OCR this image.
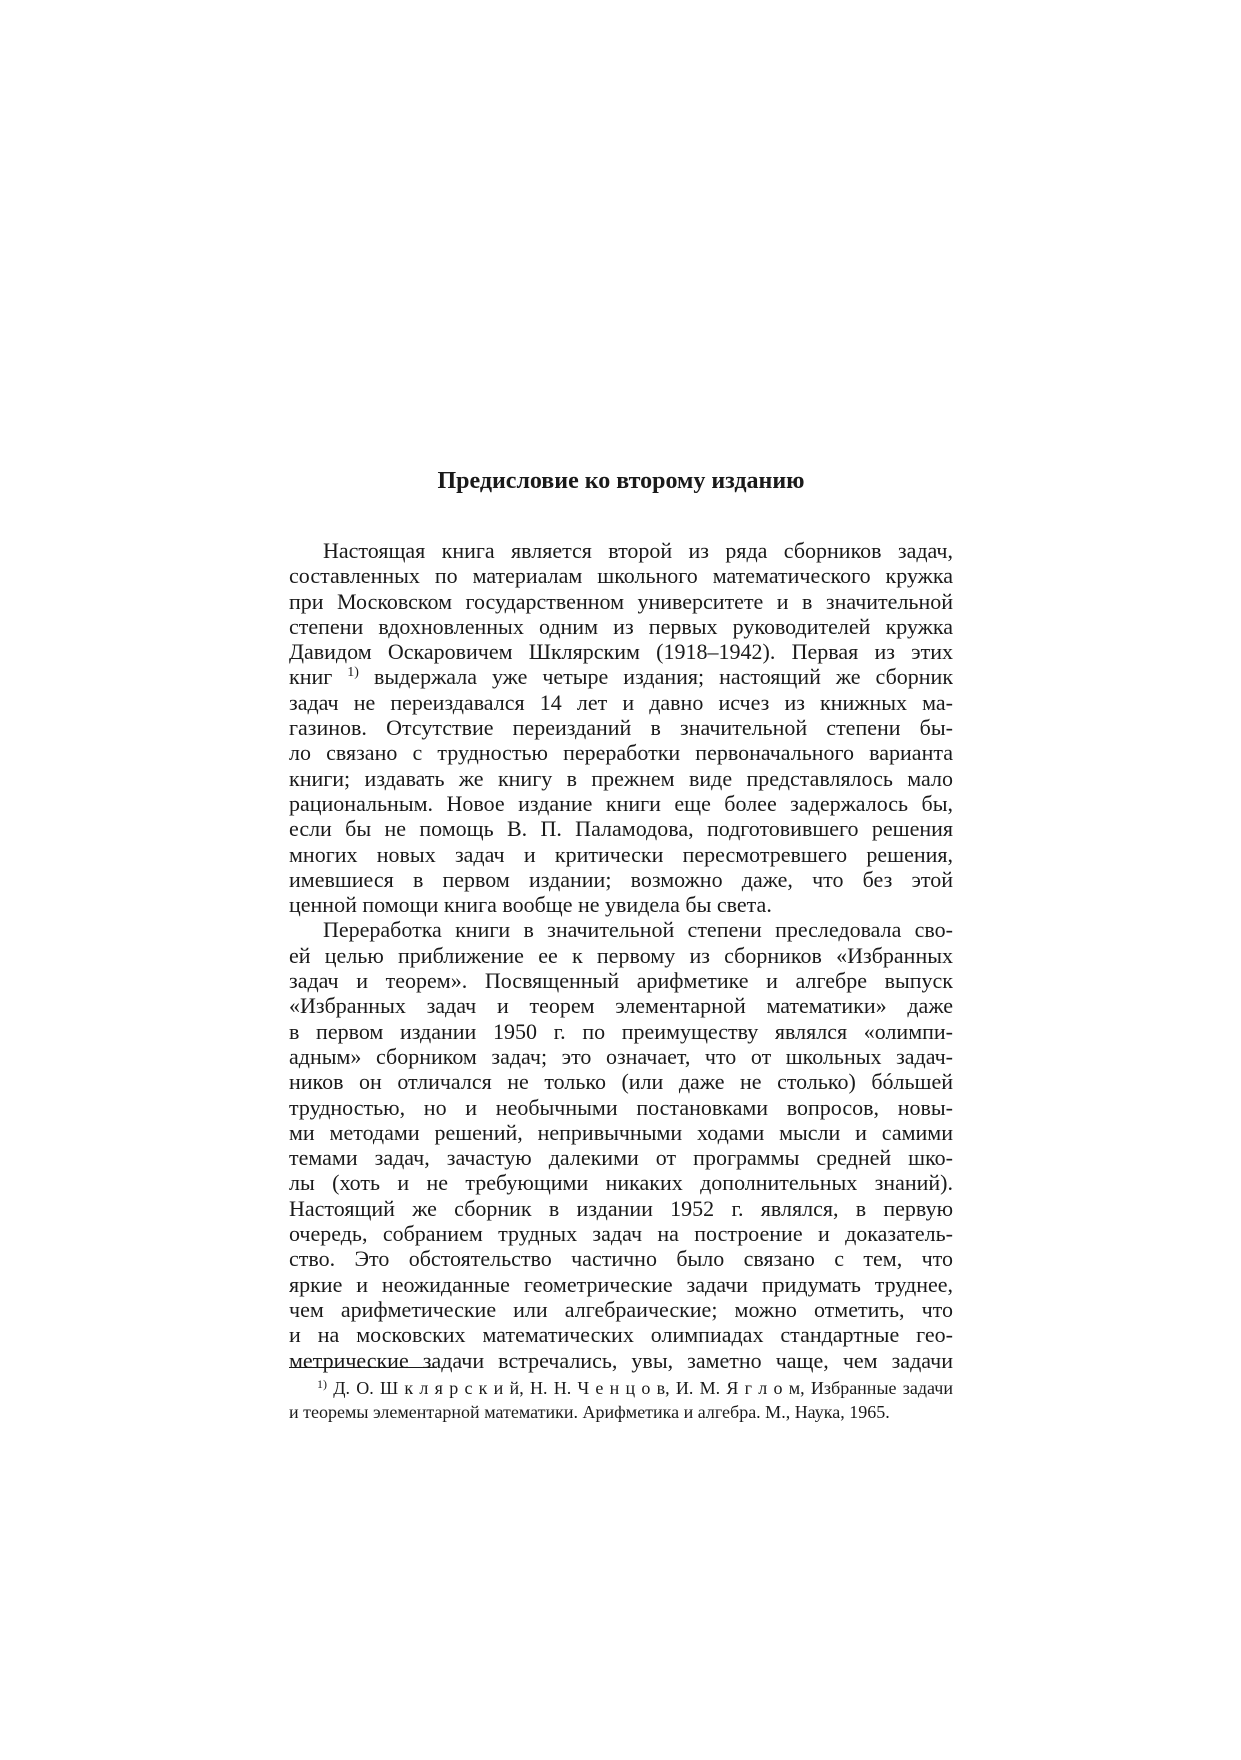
Предисловие ко второму изданию
Настоящая книга является второй из ряда сборников задач,
составленных по материалам школьного математического кружка
при Московском государственном университете и в значительной
степени вдохновленных одним из первых руководителей кружка
Давидом Оскаровичем Шклярским (1918–1942). Первая из этих
книг $^{1)}$ выдержала уже четыре издания; настоящий же сборник
задач не переиздавался 14 лет и давно исчез из книжных ма-
газинов. Отсутствие переизданий в значительной степени бы-
ло связано с трудностью переработки первоначального варианта
книги; издавать же книгу в прежнем виде представлялось мало
рациональным. Новое издание книги еще более задержалось бы,
если бы не помощь В. П. Паламодова, подготовившего решения
многих новых задач и критически пересмотревшего решения,
имевшиеся в первом издании; возможно даже, что без этой
ценной помощи книга вообще не увидела бы света.
Переработка книги в значительной степени преследовала сво-
ей целью приближение ее к первому из сборников «Избранных
задач и теорем». Посвященный арифметике и алгебре выпуск
«Избранных задач и теорем элементарной математики» даже
в первом издании 1950 г. по преимуществу являлся «олимпи-
адным» сборником задач; это означает, что от школьных задач-
ников он отличался не только (или даже не столько) бóльшей
трудностью, но и необычными постановками вопросов, новы-
ми методами решений, непривычными ходами мысли и самими
темами задач, зачастую далекими от программы средней шко-
лы (хоть и не требующими никаких дополнительных знаний).
Настоящий же сборник в издании 1952 г. являлся, в первую
очередь, собранием трудных задач на построение и доказатель-
ство. Это обстоятельство частично было связано с тем, что
яркие и неожиданные геометрические задачи придумать труднее,
чем арифметические или алгебраические; можно отметить, что
и на московских математических олимпиадах стандартные гео-
метрические задачи встречались, увы, заметно чаще, чем задачи
$^{1)}$ Д. О. Ш к л я р с к и й, Н. Н. Ч е н ц о в, И. М. Я г л о м, Избранные задачи
и теоремы элементарной математики. Арифметика и алгебра. М., Наука, 1965.
